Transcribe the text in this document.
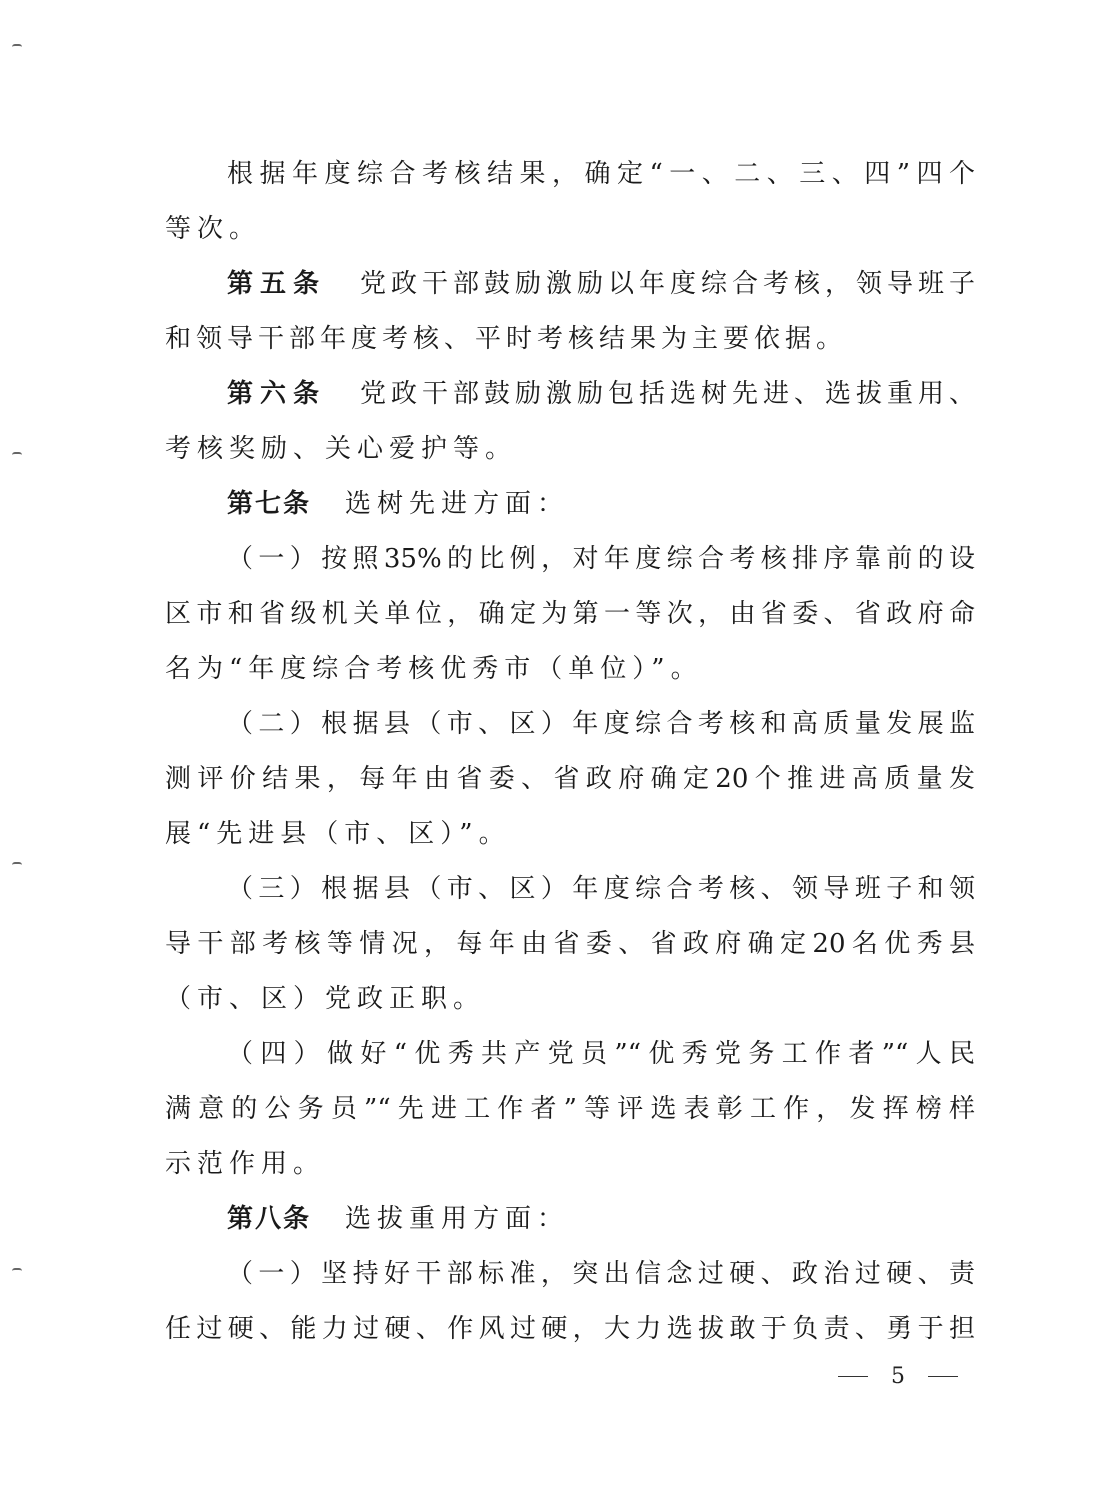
根据年度综合考核结果，确定“一、二、三、四”四个
等次。
第五条 党政干部鼓励激励以年度综合考核，领导班子
和领导干部年度考核、平时考核结果为主要依据。
第六条 党政干部鼓励激励包括选树先进、选拔重用、
考核奖励、关心爱护等。
第七条 选树先进方面：
（一）按照35%的比例，对年度综合考核排序靠前的设
区市和省级机关单位，确定为第一等次，由省委、省政府命
名为“年度综合考核优秀市（单位）”。
（二）根据县（市、区）年度综合考核和高质量发展监
测评价结果，每年由省委、省政府确定20个推进高质量发
展“先进县（市、区）”。
（三）根据县（市、区）年度综合考核、领导班子和领
导干部考核等情况，每年由省委、省政府确定20名优秀县
（市、区）党政正职。
（四）做好“优秀共产党员”“优秀党务工作者”“人民
满意的公务员”“先进工作者”等评选表彰工作，发挥榜样
示范作用。
第八条 选拔重用方面：
（一）坚持好干部标准，突出信念过硬、政治过硬、责
任过硬、能力过硬、作风过硬，大力选拔敢于负责、勇于担
5
